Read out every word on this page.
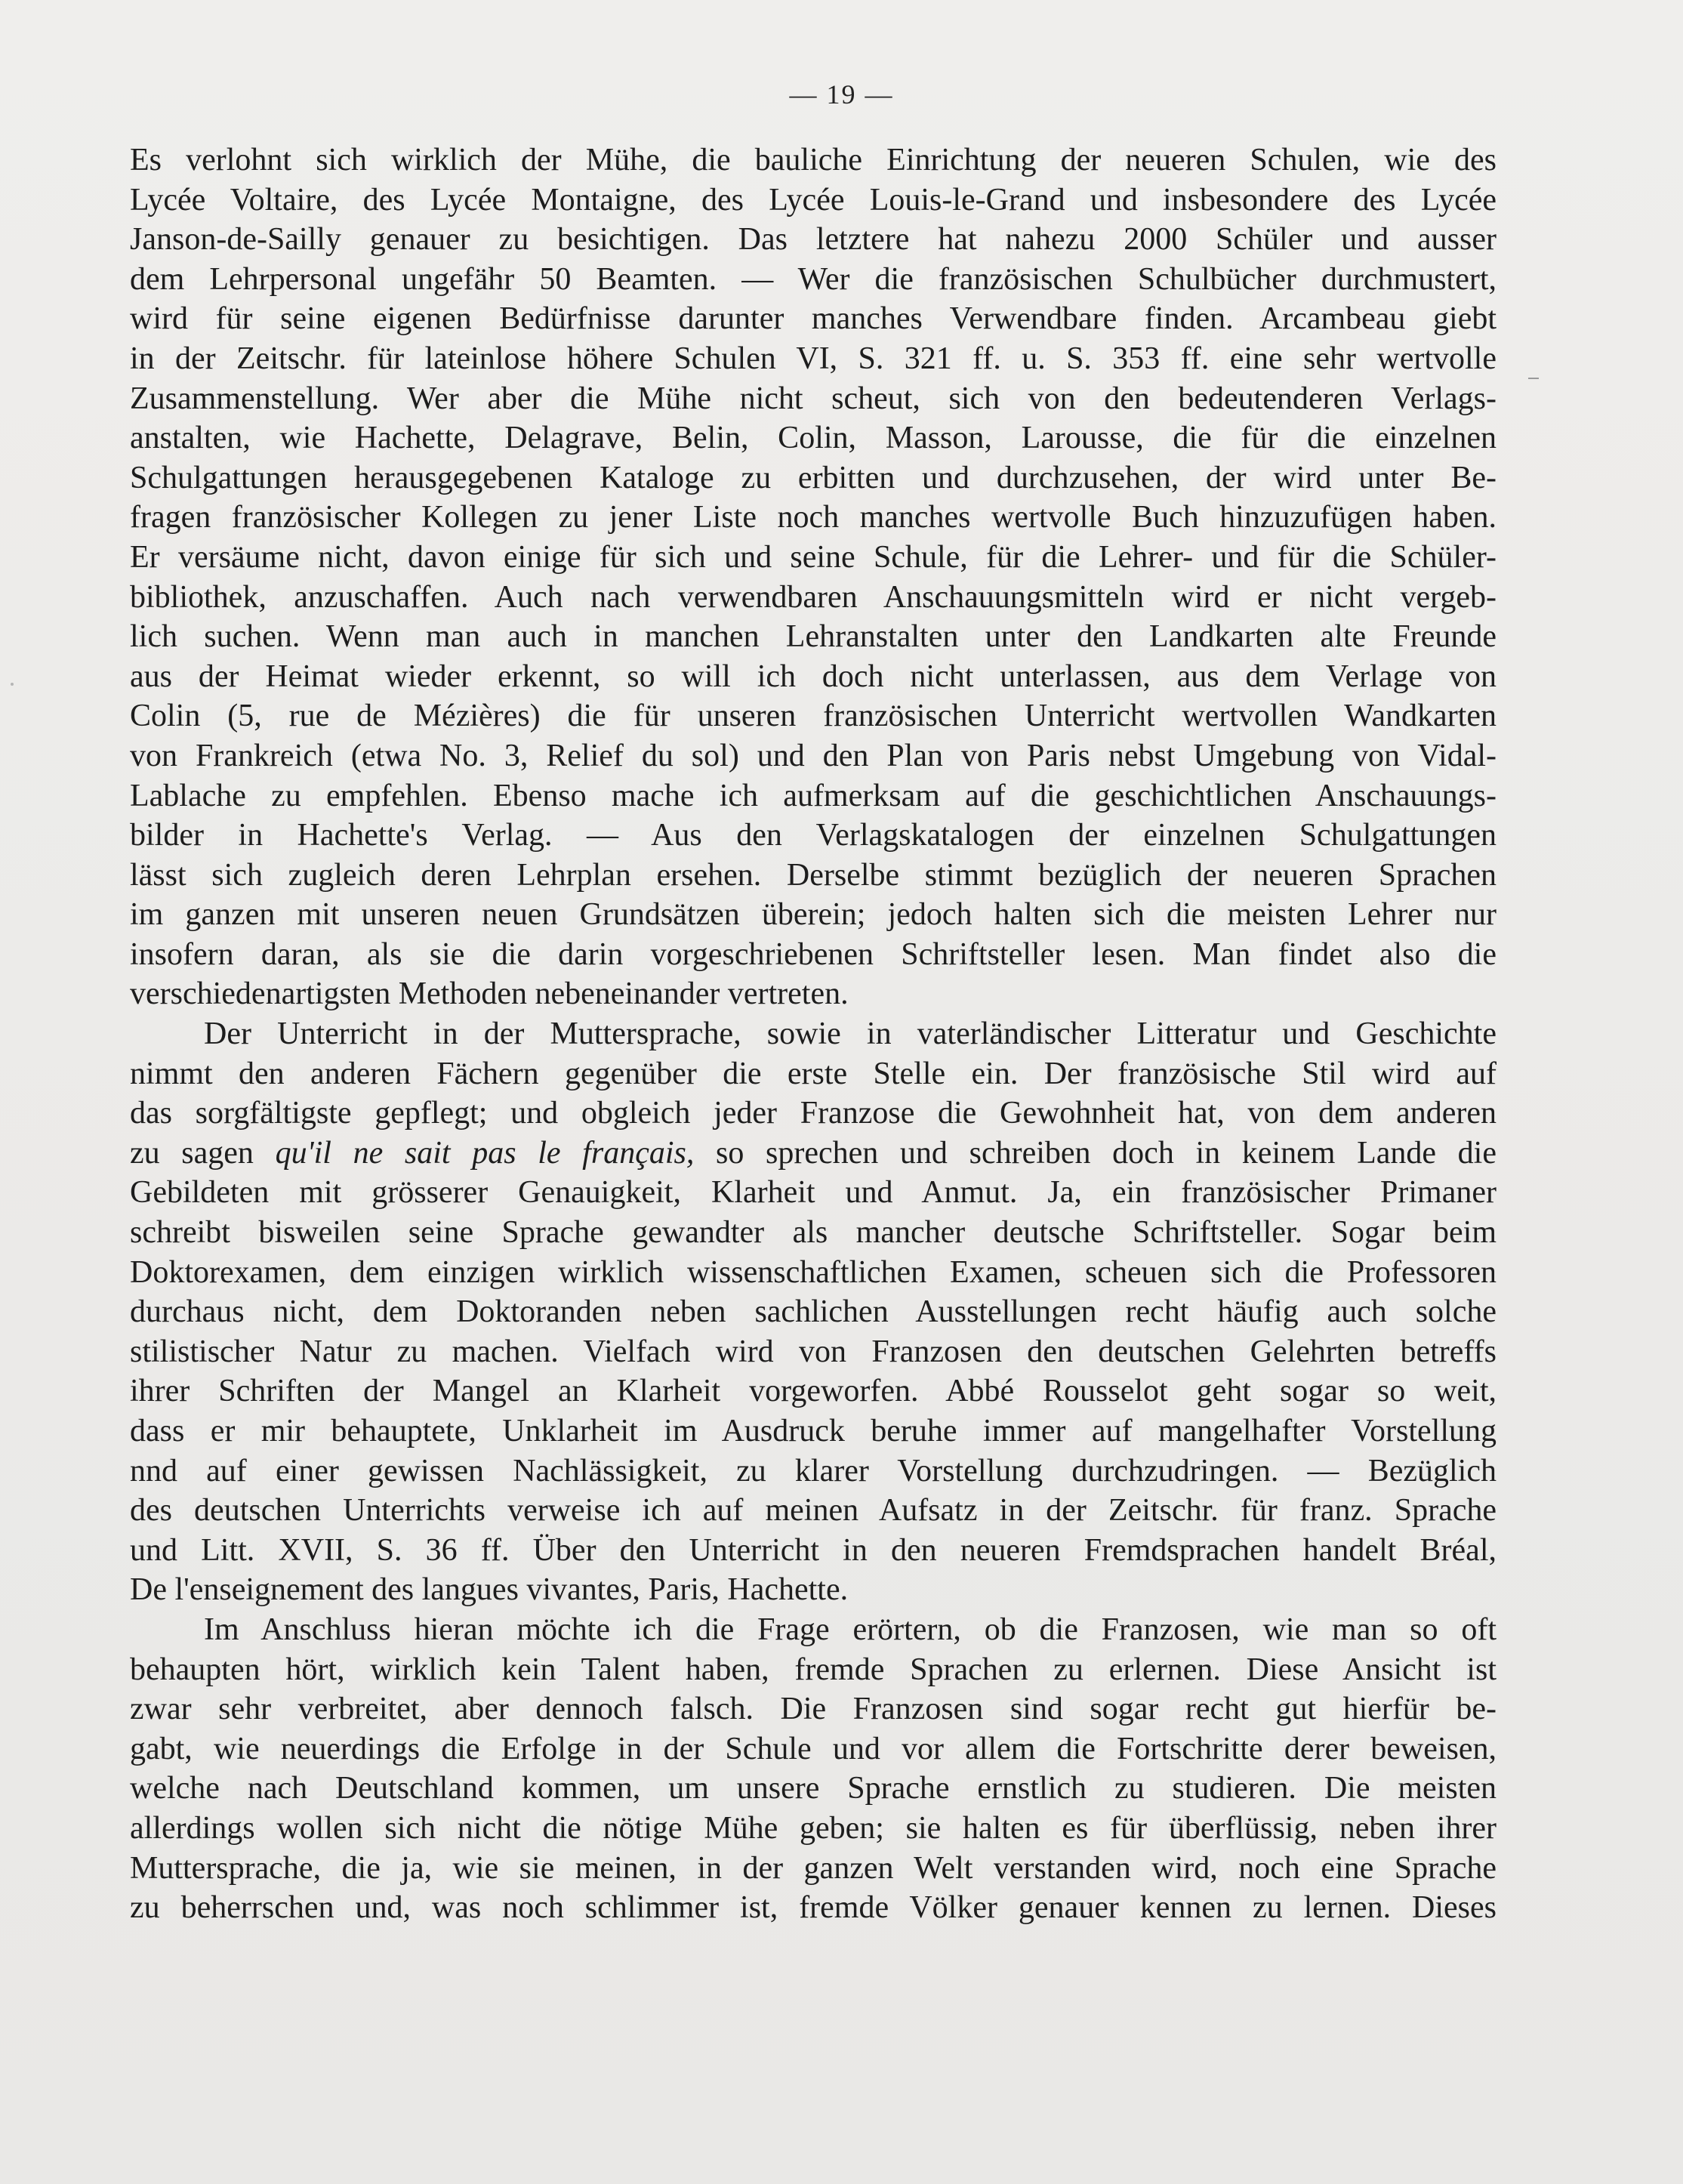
— 19 —
Es verlohnt sich wirklich der Mühe, die bauliche Einrichtung der neueren Schulen, wie des
Lycée Voltaire, des Lycée Montaigne, des Lycée Louis-le-Grand und insbesondere des Lycée
Janson-de-Sailly genauer zu besichtigen. Das letztere hat nahezu 2000 Schüler und ausser
dem Lehrpersonal ungefähr 50 Beamten. — Wer die französischen Schulbücher durchmustert,
wird für seine eigenen Bedürfnisse darunter manches Verwendbare finden. Arcambeau giebt
in der Zeitschr. für lateinlose höhere Schulen VI, S. 321 ff. u. S. 353 ff. eine sehr wertvolle
Zusammenstellung. Wer aber die Mühe nicht scheut, sich von den bedeutenderen Verlags-
anstalten, wie Hachette, Delagrave, Belin, Colin, Masson, Larousse, die für die einzelnen
Schulgattungen herausgegebenen Kataloge zu erbitten und durchzusehen, der wird unter Be-
fragen französischer Kollegen zu jener Liste noch manches wertvolle Buch hinzuzufügen haben.
Er versäume nicht, davon einige für sich und seine Schule, für die Lehrer- und für die Schüler-
bibliothek, anzuschaffen. Auch nach verwendbaren Anschauungsmitteln wird er nicht vergeb-
lich suchen. Wenn man auch in manchen Lehranstalten unter den Landkarten alte Freunde
aus der Heimat wieder erkennt, so will ich doch nicht unterlassen, aus dem Verlage von
Colin (5, rue de Mézières) die für unseren französischen Unterricht wertvollen Wandkarten
von Frankreich (etwa No. 3, Relief du sol) und den Plan von Paris nebst Umgebung von Vidal-
Lablache zu empfehlen. Ebenso mache ich aufmerksam auf die geschichtlichen Anschauungs-
bilder in Hachette's Verlag. — Aus den Verlagskatalogen der einzelnen Schulgattungen
lässt sich zugleich deren Lehrplan ersehen. Derselbe stimmt bezüglich der neueren Sprachen
im ganzen mit unseren neuen Grundsätzen überein; jedoch halten sich die meisten Lehrer nur
insofern daran, als sie die darin vorgeschriebenen Schriftsteller lesen. Man findet also die
verschiedenartigsten Methoden nebeneinander vertreten.
Der Unterricht in der Muttersprache, sowie in vaterländischer Litteratur und Geschichte
nimmt den anderen Fächern gegenüber die erste Stelle ein. Der französische Stil wird auf
das sorgfältigste gepflegt; und obgleich jeder Franzose die Gewohnheit hat, von dem anderen
zu sagen qu'il ne sait pas le français, so sprechen und schreiben doch in keinem Lande die
Gebildeten mit grösserer Genauigkeit, Klarheit und Anmut. Ja, ein französischer Primaner
schreibt bisweilen seine Sprache gewandter als mancher deutsche Schriftsteller. Sogar beim
Doktorexamen, dem einzigen wirklich wissenschaftlichen Examen, scheuen sich die Professoren
durchaus nicht, dem Doktoranden neben sachlichen Ausstellungen recht häufig auch solche
stilistischer Natur zu machen. Vielfach wird von Franzosen den deutschen Gelehrten betreffs
ihrer Schriften der Mangel an Klarheit vorgeworfen. Abbé Rousselot geht sogar so weit,
dass er mir behauptete, Unklarheit im Ausdruck beruhe immer auf mangelhafter Vorstellung
nnd auf einer gewissen Nachlässigkeit, zu klarer Vorstellung durchzudringen. — Bezüglich
des deutschen Unterrichts verweise ich auf meinen Aufsatz in der Zeitschr. für franz. Sprache
und Litt. XVII, S. 36 ff. Über den Unterricht in den neueren Fremdsprachen handelt Bréal,
De l'enseignement des langues vivantes, Paris, Hachette.
Im Anschluss hieran möchte ich die Frage erörtern, ob die Franzosen, wie man so oft
behaupten hört, wirklich kein Talent haben, fremde Sprachen zu erlernen. Diese Ansicht ist
zwar sehr verbreitet, aber dennoch falsch. Die Franzosen sind sogar recht gut hierfür be-
gabt, wie neuerdings die Erfolge in der Schule und vor allem die Fortschritte derer beweisen,
welche nach Deutschland kommen, um unsere Sprache ernstlich zu studieren. Die meisten
allerdings wollen sich nicht die nötige Mühe geben; sie halten es für überflüssig, neben ihrer
Muttersprache, die ja, wie sie meinen, in der ganzen Welt verstanden wird, noch eine Sprache
zu beherrschen und, was noch schlimmer ist, fremde Völker genauer kennen zu lernen. Dieses
